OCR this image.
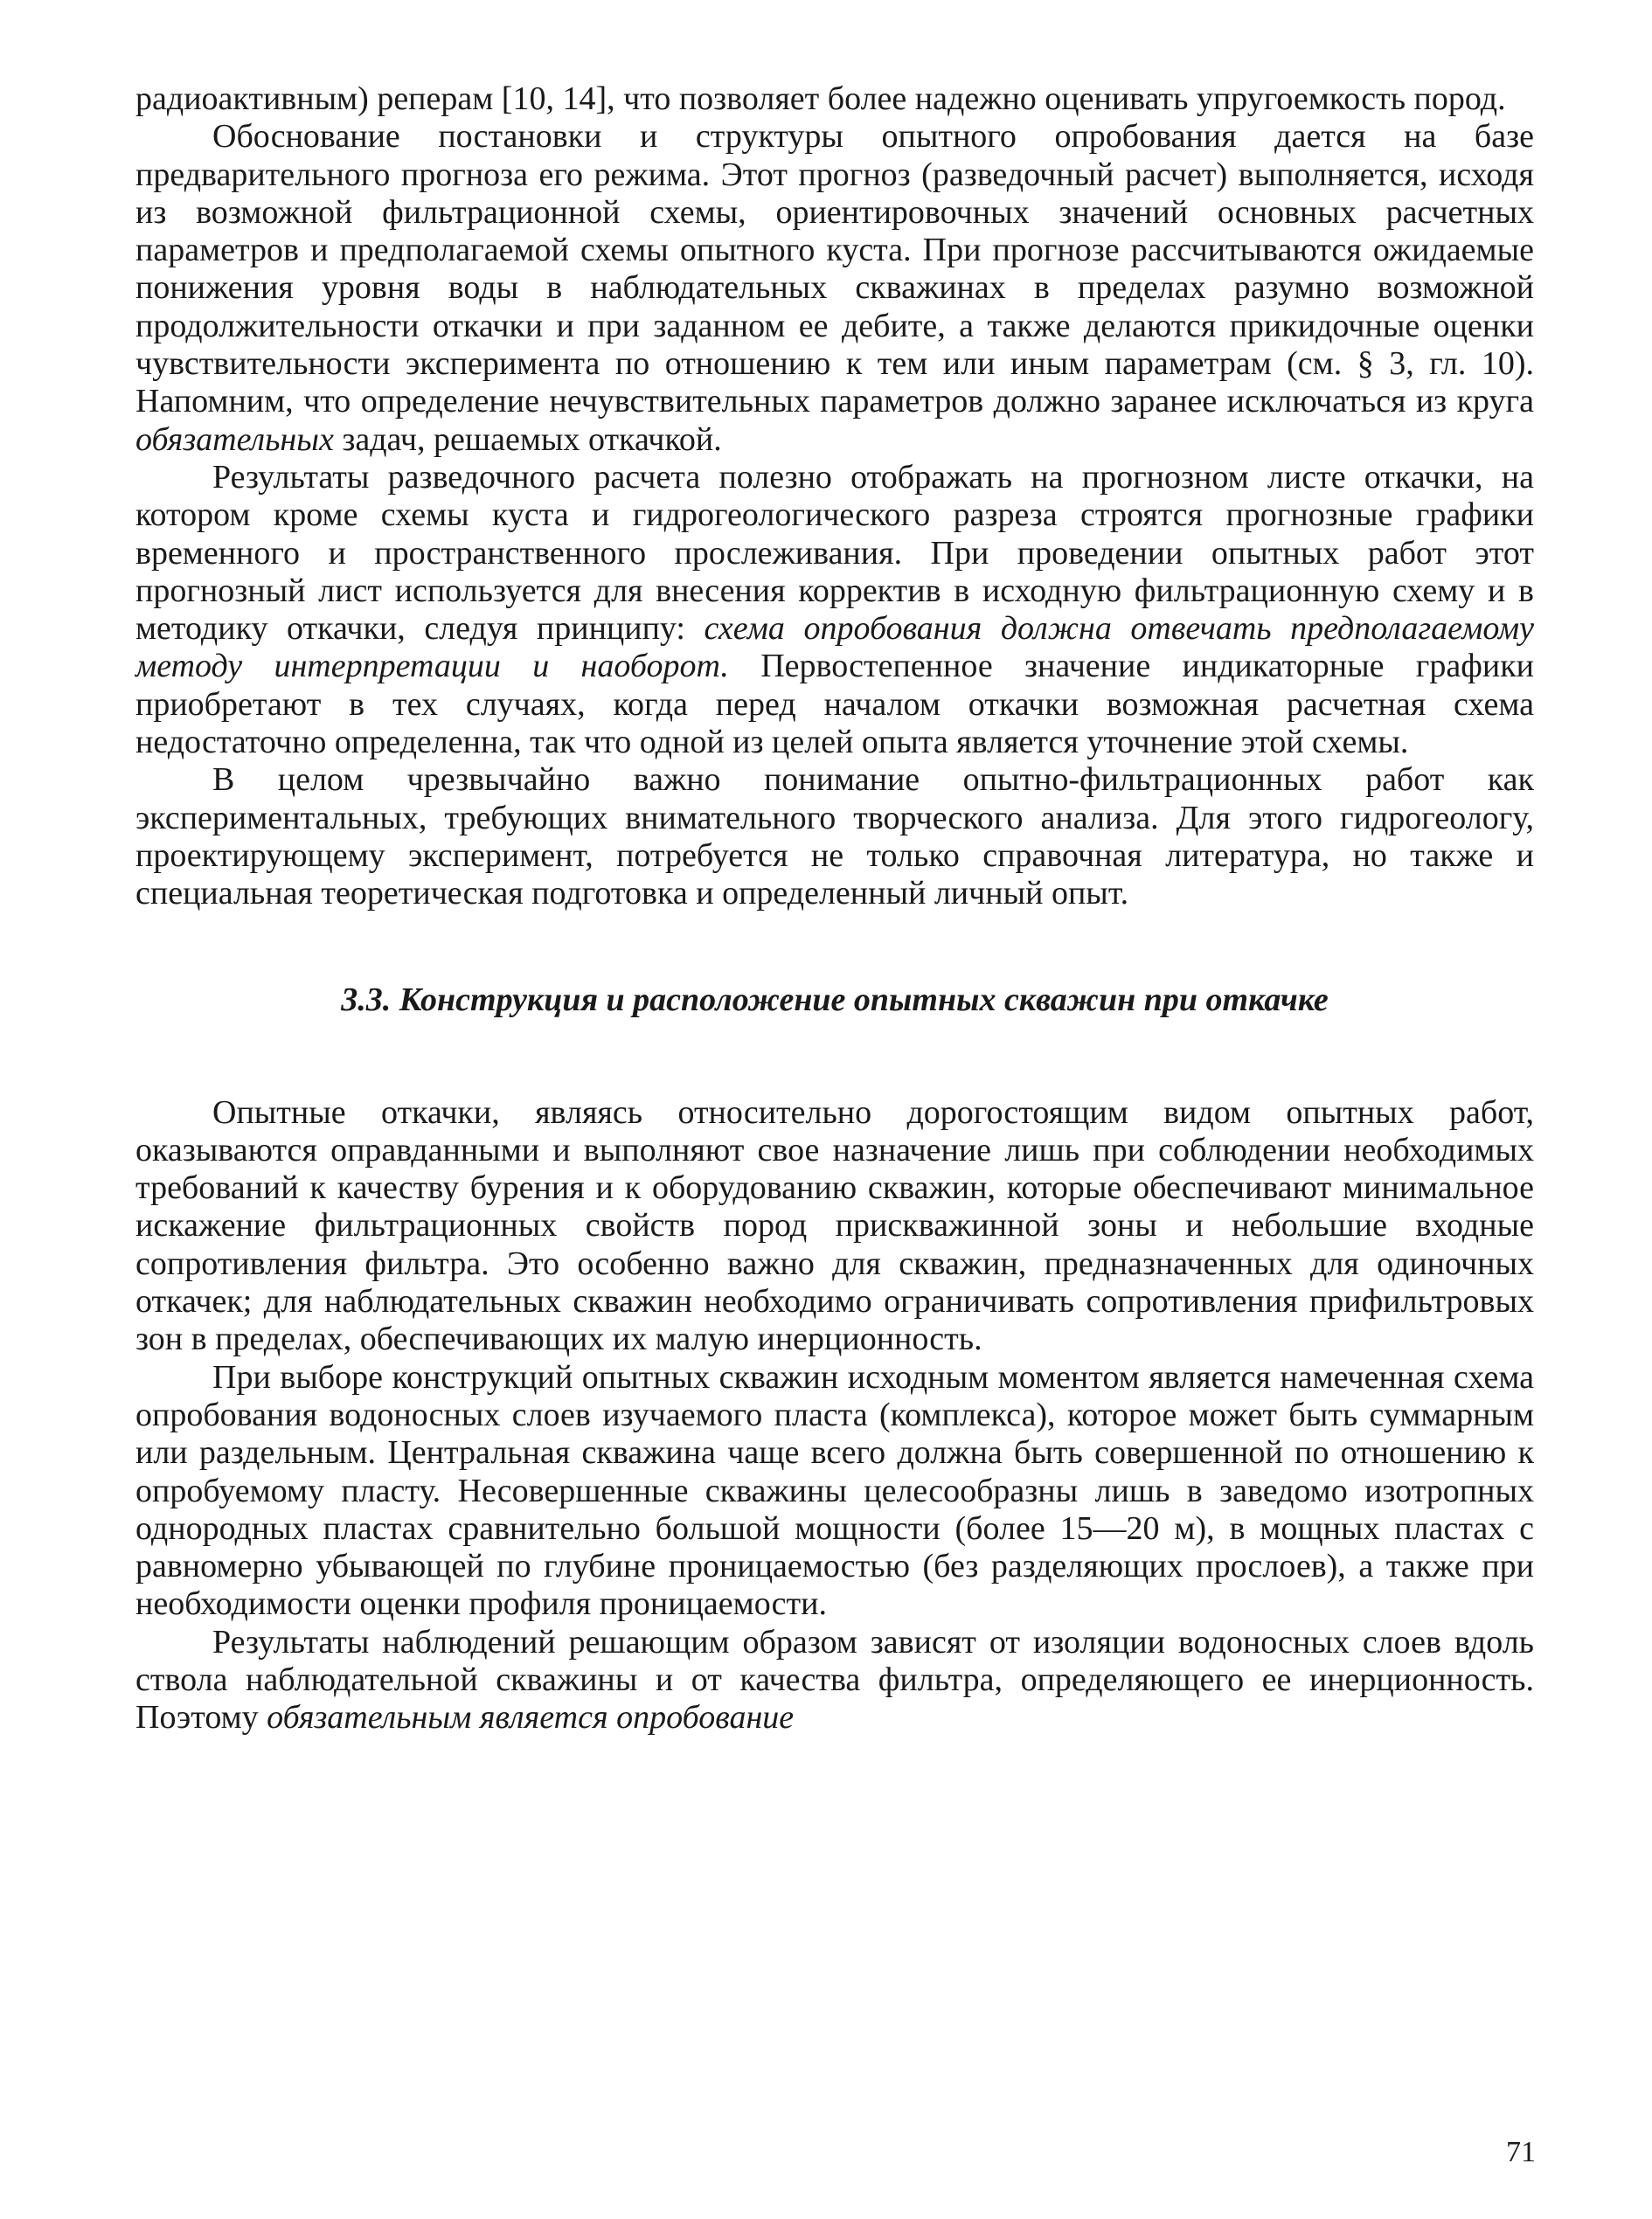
радиоактивным) реперам [10, 14], что позволяет более надежно оценивать упругоемкость пород.

Обоснование постановки и структуры опытного опробования дается на базе предварительного прогноза его режима. Этот прогноз (разведочный расчет) выполняется, исходя из возможной фильтрационной схемы, ориентировочных значений основных расчетных параметров и предполагаемой схемы опытного куста. При прогнозе рассчитываются ожидаемые понижения уровня воды в наблюдательных скважинах в пределах разумно возможной продолжительности откачки и при заданном ее дебите, а также делаются прикидочные оценки чувствительности эксперимента по отношению к тем или иным параметрам (см. § 3, гл. 10). Напомним, что определение нечувствительных параметров должно заранее исключаться из круга обязательных задач, решаемых откачкой.

Результаты разведочного расчета полезно отображать на прогнозном листе откачки, на котором кроме схемы куста и гидрогеологического разреза строятся прогнозные графики временного и пространственного прослеживания. При проведении опытных работ этот прогнозный лист используется для внесения корректив в исходную фильтрационную схему и в методику откачки, следуя принципу: схема опробования должна отвечать предполагаемому методу интерпретации и наоборот. Первостепенное значение индикаторные графики приобретают в тех случаях, когда перед началом откачки возможная расчетная схема недостаточно определенна, так что одной из целей опыта является уточнение этой схемы.

В целом чрезвычайно важно понимание опытно-фильтрационных работ как экспериментальных, требующих внимательного творческого анализа. Для этого гидрогеологу, проектирующему эксперимент, потребуется не только справочная литература, но также и специальная теоретическая подготовка и определенный личный опыт.

3.3. Конструкция и расположение опытных скважин при откачке

Опытные откачки, являясь относительно дорогостоящим видом опытных работ, оказываются оправданными и выполняют свое назначение лишь при соблюдении необходимых требований к качеству бурения и к оборудованию скважин, которые обеспечивают минимальное искажение фильтрационных свойств пород прискважинной зоны и небольшие входные сопротивления фильтра. Это особенно важно для скважин, предназначенных для одиночных откачек; для наблюдательных скважин необходимо ограничивать сопротивления прифильтровых зон в пределах, обеспечивающих их малую инерционность.

При выборе конструкций опытных скважин исходным моментом является намеченная схема опробования водоносных слоев изучаемого пласта (комплекса), которое может быть суммарным или раздельным. Центральная скважина чаще всего должна быть совершенной по отношению к опробуемому пласту. Несовершенные скважины целесообразны лишь в заведомо изотропных однородных пластах сравнительно большой мощности (более 15—20 м), в мощных пластах с равномерно убывающей по глубине проницаемостью (без разделяющих прослоев), а также при необходимости оценки профиля проницаемости.

Результаты наблюдений решающим образом зависят от изоляции водоносных слоев вдоль ствола наблюдательной скважины и от качества фильтра, определяющего ее инерционность. Поэтому обязательным является опробование

71
